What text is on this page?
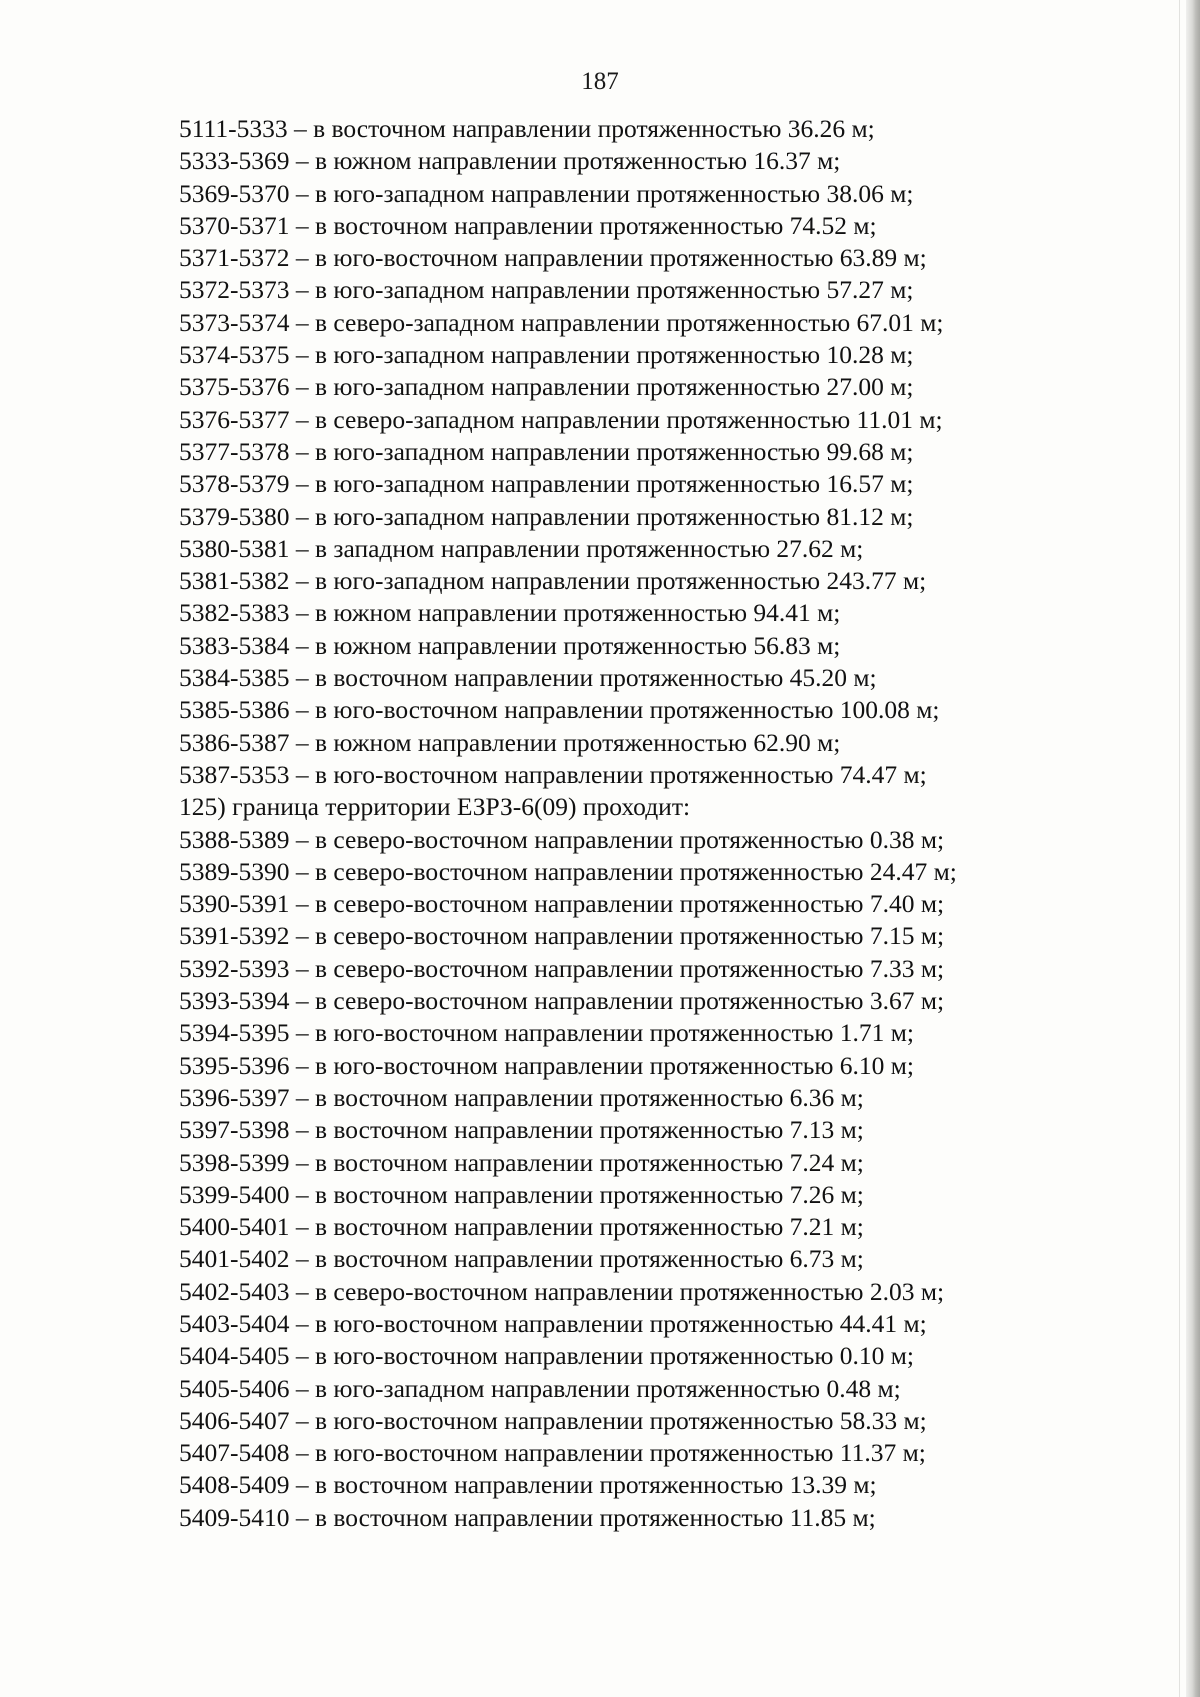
187
5111-5333 – в восточном направлении протяженностью 36.26 м;
5333-5369 – в южном направлении протяженностью 16.37 м;
5369-5370 – в юго-западном направлении протяженностью 38.06 м;
5370-5371 – в восточном направлении протяженностью 74.52 м;
5371-5372 – в юго-восточном направлении протяженностью 63.89 м;
5372-5373 – в юго-западном направлении протяженностью 57.27 м;
5373-5374 – в северо-западном направлении протяженностью 67.01 м;
5374-5375 – в юго-западном направлении протяженностью 10.28 м;
5375-5376 – в юго-западном направлении протяженностью 27.00 м;
5376-5377 – в северо-западном направлении протяженностью 11.01 м;
5377-5378 – в юго-западном направлении протяженностью 99.68 м;
5378-5379 – в юго-западном направлении протяженностью 16.57 м;
5379-5380 – в юго-западном направлении протяженностью 81.12 м;
5380-5381 – в западном направлении протяженностью 27.62 м;
5381-5382 – в юго-западном направлении протяженностью 243.77 м;
5382-5383 – в южном направлении протяженностью 94.41 м;
5383-5384 – в южном направлении протяженностью 56.83 м;
5384-5385 – в восточном направлении протяженностью 45.20 м;
5385-5386 – в юго-восточном направлении протяженностью 100.08 м;
5386-5387 – в южном направлении протяженностью 62.90 м;
5387-5353 – в юго-восточном направлении протяженностью 74.47 м;
125) граница территории ЕЗРЗ-6(09) проходит:
5388-5389 – в северо-восточном направлении протяженностью 0.38 м;
5389-5390 – в северо-восточном направлении протяженностью 24.47 м;
5390-5391 – в северо-восточном направлении протяженностью 7.40 м;
5391-5392 – в северо-восточном направлении протяженностью 7.15 м;
5392-5393 – в северо-восточном направлении протяженностью 7.33 м;
5393-5394 – в северо-восточном направлении протяженностью 3.67 м;
5394-5395 – в юго-восточном направлении протяженностью 1.71 м;
5395-5396 – в юго-восточном направлении протяженностью 6.10 м;
5396-5397 – в восточном направлении протяженностью 6.36 м;
5397-5398 – в восточном направлении протяженностью 7.13 м;
5398-5399 – в восточном направлении протяженностью 7.24 м;
5399-5400 – в восточном направлении протяженностью 7.26 м;
5400-5401 – в восточном направлении протяженностью 7.21 м;
5401-5402 – в восточном направлении протяженностью 6.73 м;
5402-5403 – в северо-восточном направлении протяженностью 2.03 м;
5403-5404 – в юго-восточном направлении протяженностью 44.41 м;
5404-5405 – в юго-восточном направлении протяженностью 0.10 м;
5405-5406 – в юго-западном направлении протяженностью 0.48 м;
5406-5407 – в юго-восточном направлении протяженностью 58.33 м;
5407-5408 – в юго-восточном направлении протяженностью 11.37 м;
5408-5409 – в восточном направлении протяженностью 13.39 м;
5409-5410 – в восточном направлении протяженностью 11.85 м;
